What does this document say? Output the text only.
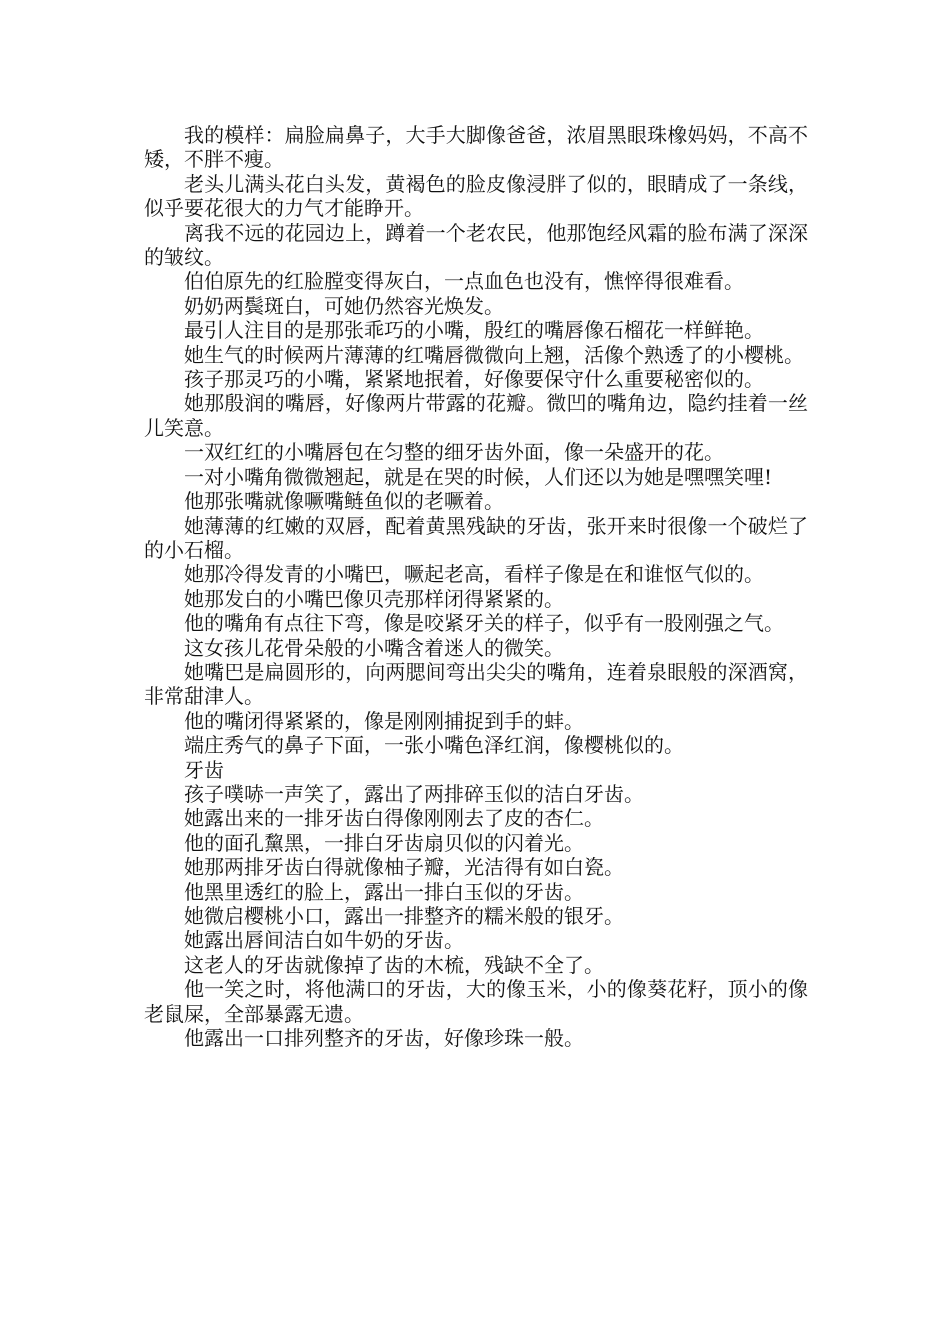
我的模样：扁脸扁鼻子，大手大脚像爸爸，浓眉黑眼珠橡妈妈，不高不矮，不胖不瘦。

老头儿满头花白头发，黄褐色的脸皮像浸胖了似的，眼睛成了一条线，似乎要花很大的力气才能睁开。

离我不远的花园边上，蹲着一个老农民，他那饱经风霜的脸布满了深深的皱纹。

伯伯原先的红脸膛变得灰白，一点血色也没有，憔悴得很难看。

奶奶两鬓斑白，可她仍然容光焕发。

最引人注目的是那张乖巧的小嘴，殷红的嘴唇像石榴花一样鲜艳。

她生气的时候两片薄薄的红嘴唇微微向上翘，活像个熟透了的小樱桃。

孩子那灵巧的小嘴，紧紧地抿着，好像要保守什么重要秘密似的。

她那殷润的嘴唇，好像两片带露的花瓣。微凹的嘴角边，隐约挂着一丝儿笑意。

一双红红的小嘴唇包在匀整的细牙齿外面，像一朵盛开的花。

一对小嘴角微微翘起，就是在哭的时候，人们还以为她是嘿嘿笑哩!

他那张嘴就像噘嘴鲢鱼似的老噘着。

她薄薄的红嫩的双唇，配着黄黑残缺的牙齿，张开来时很像一个破烂了的小石榴。

她那冷得发青的小嘴巴，噘起老高，看样子像是在和谁怄气似的。

她那发白的小嘴巴像贝壳那样闭得紧紧的。

他的嘴角有点往下弯，像是咬紧牙关的样子，似乎有一股刚强之气。

这女孩儿花骨朵般的小嘴含着迷人的微笑。

她嘴巴是扁圆形的，向两腮间弯出尖尖的嘴角，连着泉眼般的深酒窝，非常甜津人。

他的嘴闭得紧紧的，像是刚刚捕捉到手的蚌。

端庄秀气的鼻子下面，一张小嘴色泽红润，像樱桃似的。

牙齿

孩子噗哧一声笑了，露出了两排碎玉似的洁白牙齿。

她露出来的一排牙齿白得像刚刚去了皮的杏仁。

他的面孔黧黑，一排白牙齿扇贝似的闪着光。

她那两排牙齿白得就像柚子瓣，光洁得有如白瓷。

他黑里透红的脸上，露出一排白玉似的牙齿。

她微启樱桃小口，露出一排整齐的糯米般的银牙。

她露出唇间洁白如牛奶的牙齿。

这老人的牙齿就像掉了齿的木梳，残缺不全了。

他一笑之时，将他满口的牙齿，大的像玉米，小的像葵花籽，顶小的像老鼠屎，全部暴露无遗。

他露出一口排列整齐的牙齿，好像珍珠一般。
